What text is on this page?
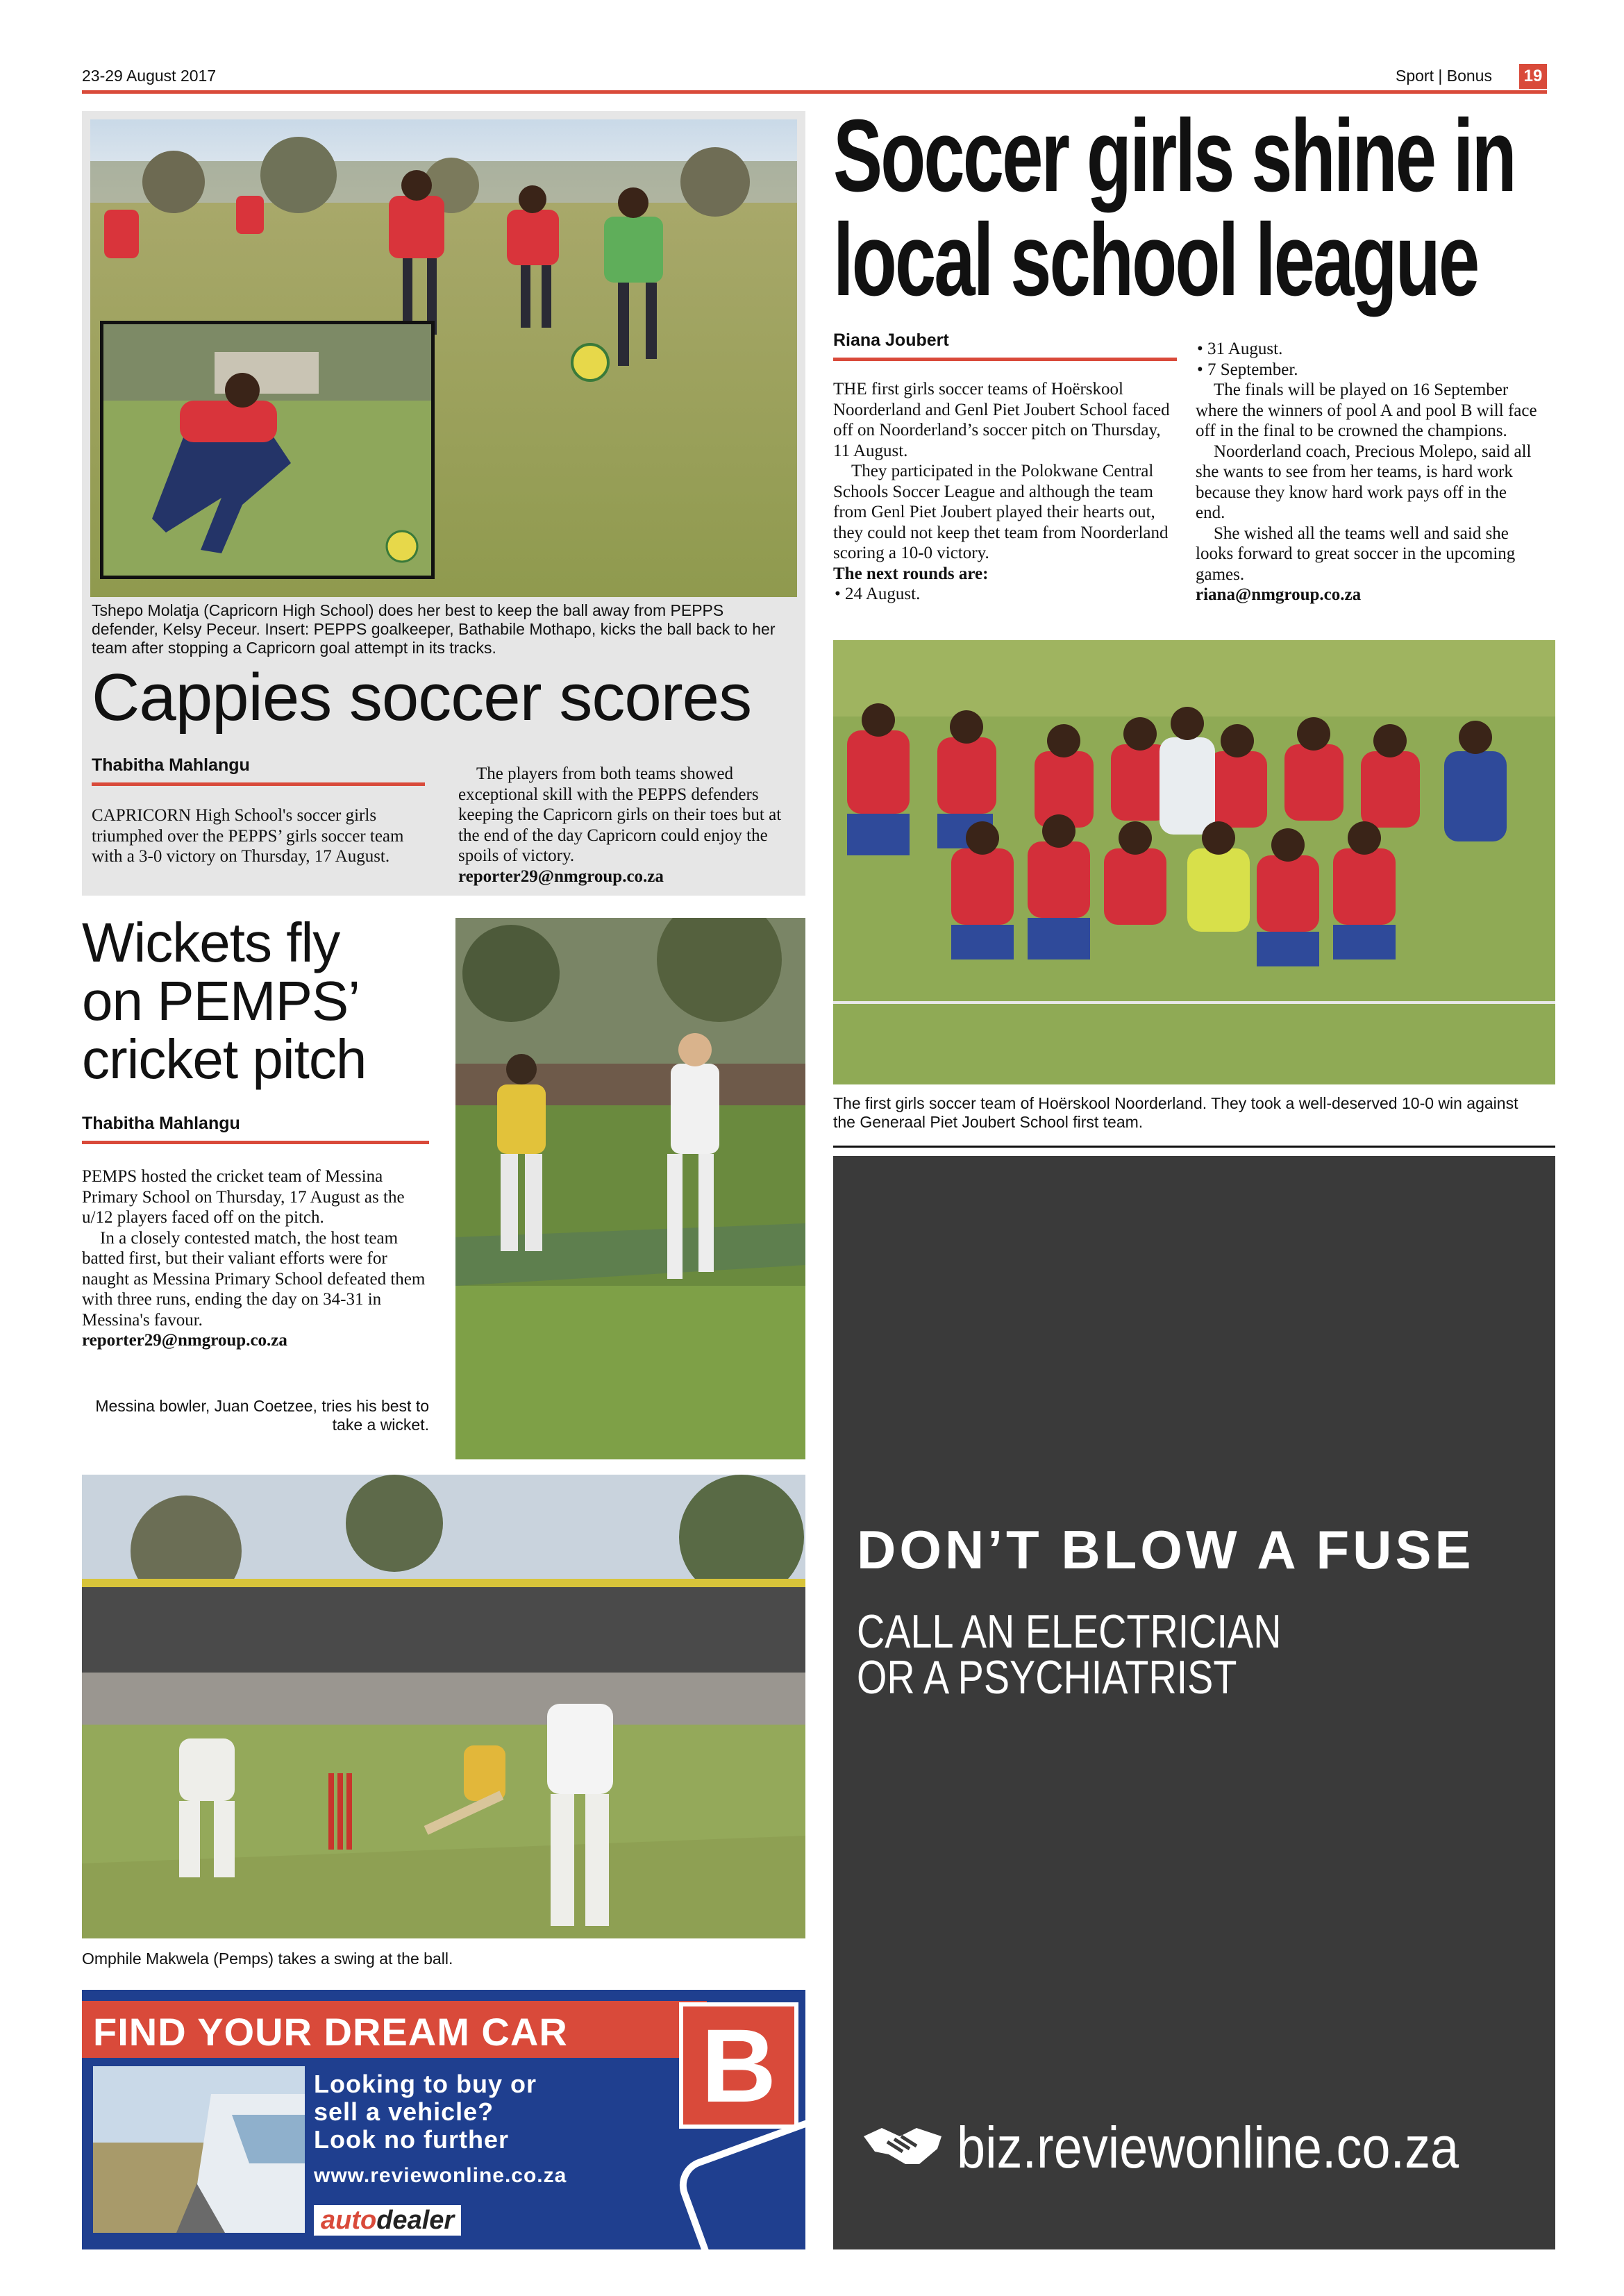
23-29 August 2017	Sport | Bonus 19
Tshepo Molatja (Capricorn High School) does her best to keep the ball away from PEPPS defender, Kelsy Peceur. Insert: PEPPS goalkeeper, Bathabile Mothapo, kicks the ball back to her team after stopping a Capricorn goal attempt in its tracks.
Cappies soccer scores
Thabitha Mahlangu

CAPRICORN High School's soccer girls triumphed over the PEPPS’ girls soccer team with a 3-0 victory on Thursday, 17 August.

The players from both teams showed exceptional skill with the PEPPS defenders keeping the Capricorn girls on their toes but at the end of the day Capricorn could enjoy the spoils of victory.

reporter29@nmgroup.co.za

Soccer girls shine in
local school league
Riana Joubert

THE first girls soccer teams of Hoërskool Noorderland and Genl Piet Joubert School faced off on Noorderland’s soccer pitch on Thursday, 11 August.

They participated in the Polokwane Central Schools Soccer League and although the team from Genl Piet Joubert played their hearts out, they could not keep thet team from Noorderland scoring a 10-0 victory.

The next rounds are:

• 24 August.

• 31 August.

• 7 September.

The finals will be played on 16 September where the winners of pool A and pool B will face off in the final to be crowned the champions.

Noorderland coach, Precious Molepo, said all she wants to see from her teams, is hard work because they know hard work pays off in the end.

She wished all the teams well and said she looks forward to great soccer in the upcoming games.

riana@nmgroup.co.za

The first girls soccer team of Hoërskool Noorderland. They took a well-deserved 10-0 win against the Generaal Piet Joubert School first team.
Wickets fly
on PEMPS’
cricket pitch
Thabitha Mahlangu

PEMPS hosted the cricket team of Messina Primary School on Thursday, 17 August as the u/12 players faced off on the pitch.

In a closely contested match, the host team batted first, but their valiant efforts were for naught as Messina Primary School defeated them with three runs, ending the day on 34-31 in Messina's favour.

reporter29@nmgroup.co.za

Messina bowler, Juan Coetzee, tries his best to take a wicket.
Omphile Makwela (Pemps) takes a swing at the ball.
FIND YOUR DREAM CAR
Looking to buy or
sell a vehicle?
Look no further
www.reviewonline.co.za
autodealer
B
DON’T BLOW A FUSE
CALL AN ELECTRICIAN
OR A PSYCHIATRIST
biz.reviewonline.co.za
